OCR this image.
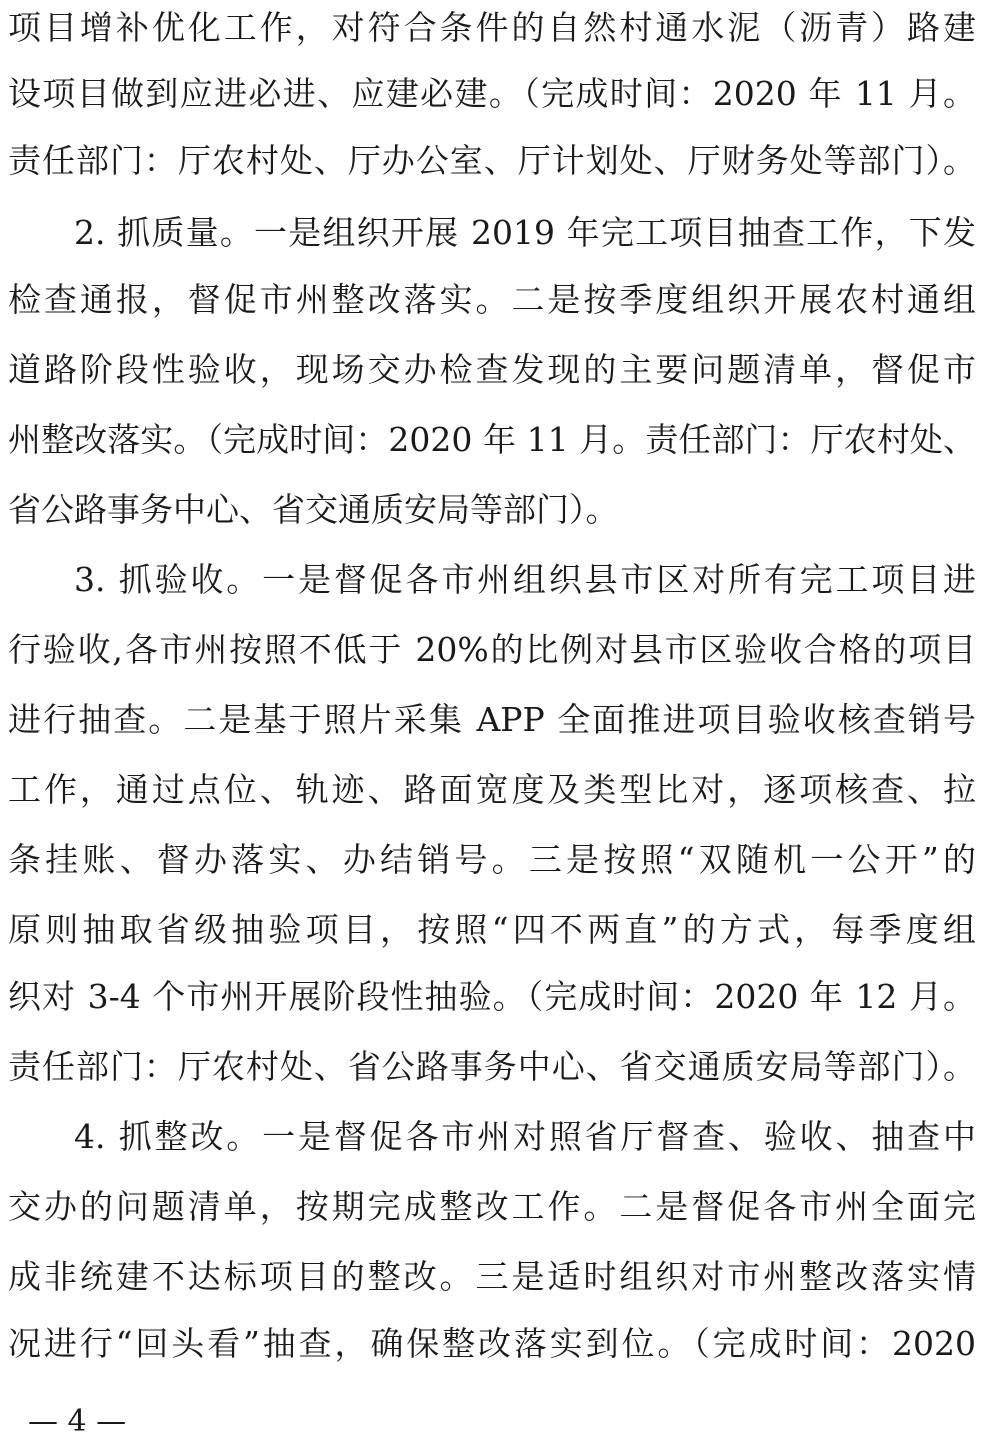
项目增补优化工作，对符合条件的自然村通水泥（沥青）路建
设项目做到应进必进、应建必建。（完成时间：2020 年 11 月。
责任部门：厅农村处、厅办公室、厅计划处、厅财务处等部门）。
2. 抓质量。一是组织开展 2019 年完工项目抽查工作，下发
检查通报，督促市州整改落实。二是按季度组织开展农村通组
道路阶段性验收，现场交办检查发现的主要问题清单，督促市
州整改落实。（完成时间：2020 年 11 月。责任部门：厅农村处、
省公路事务中心、省交通质安局等部门）。
3. 抓验收。一是督促各市州组织县市区对所有完工项目进
行验收,各市州按照不低于 20%的比例对县市区验收合格的项目
进行抽查。二是基于照片采集 APP 全面推进项目验收核查销号
工作，通过点位、轨迹、路面宽度及类型比对，逐项核查、拉
条挂账、督办落实、办结销号。三是按照“双随机一公开”的
原则抽取省级抽验项目，按照“四不两直”的方式，每季度组
织对 3-4 个市州开展阶段性抽验。（完成时间：2020 年 12 月。
责任部门：厅农村处、省公路事务中心、省交通质安局等部门）。
4. 抓整改。一是督促各市州对照省厅督查、验收、抽查中
交办的问题清单，按期完成整改工作。二是督促各市州全面完
成非统建不达标项目的整改。三是适时组织对市州整改落实情
况进行“回头看”抽查，确保整改落实到位。（完成时间：2020
— 4 —
